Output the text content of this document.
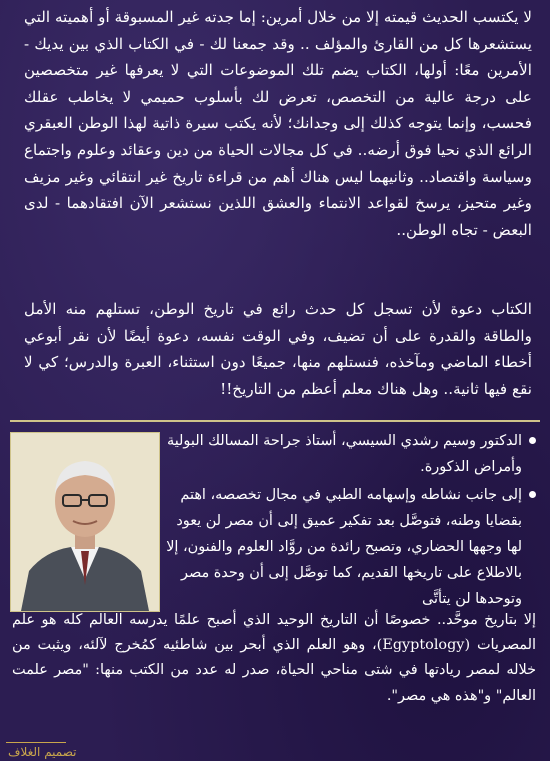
لا يكتسب الحديث قيمته إلا من خلال أمرين: إما جدته غير المسبوقة أو أهميته التي يستشعرها كل من القارئ والمؤلف .. وقد جمعنا لك - في الكتاب الذي بين يديك - الأمرين معًا: أولها، الكتاب يضم تلك الموضوعات التي لا يعرفها غير متخصصين على درجة عالية من التخصص، تعرض لك بأسلوب حميمي لا يخاطب عقلك فحسب، وإنما يتوجه كذلك إلى وجدانك؛ لأنه يكتب سيرة ذاتية لهذا الوطن العبقري الرائع الذي نحيا فوق أرضه.. في كل مجالات الحياة من دين وعقائد وعلوم واجتماع وسياسة واقتصاد.. وثانيهما ليس هناك أهم من قراءة تاريخ غير انتقائي وغير مزيف وغير متحيز، يرسخ لقواعد الانتماء والعشق اللذين نستشعر الآن افتقادهما - لدى البعض - تجاه الوطن..

الكتاب دعوة لأن تسجل كل حدث رائع في تاريخ الوطن، تستلهم منه الأمل والطاقة والقدرة على أن تضيف، وفي الوقت نفسه، دعوة أيضًا لأن نقر أبوعي أخطاء الماضي ومآخذه، فنستلهم منها، جميعًا دون استثناء، العبرة والدرس؛ كي لا نقع فيها ثانية.. وهل هناك معلم أعظم من التاريخ!!

الدكتور وسيم رشدي السيسي، أستاذ جراحة المسالك البولية وأمراض الذكورة.
إلى جانب نشاطه وإسهامه الطبي في مجال تخصصه، اهتم بقضايا وطنه، فتوصَّل بعد تفكير عميق إلى أن مصر لن يعود لها وجهها الحضاري، وتصبح رائدة من روَّاد العلوم والفنون، إلا بالاطلاع على تاريخها القديم، كما توصَّل إلى أن وحدة مصر وتوحدها لن يتأتَّى

إلا بتاريخ موحَّد.. خصوصًا أن التاريخ الوحيد الذي أصبح علمًا يدرسه العالم كله هو علم المصريات (Egyptology)، وهو العلم الذي أبحر بين شاطئيه كمُخرج لآلئه، ويثبت من خلاله لمصر ريادتها في شتى مناحي الحياة، صدر له عدد من الكتب منها: "مصر علمت العالم" و"هذه هي مصر".

تصميم الغلاف
